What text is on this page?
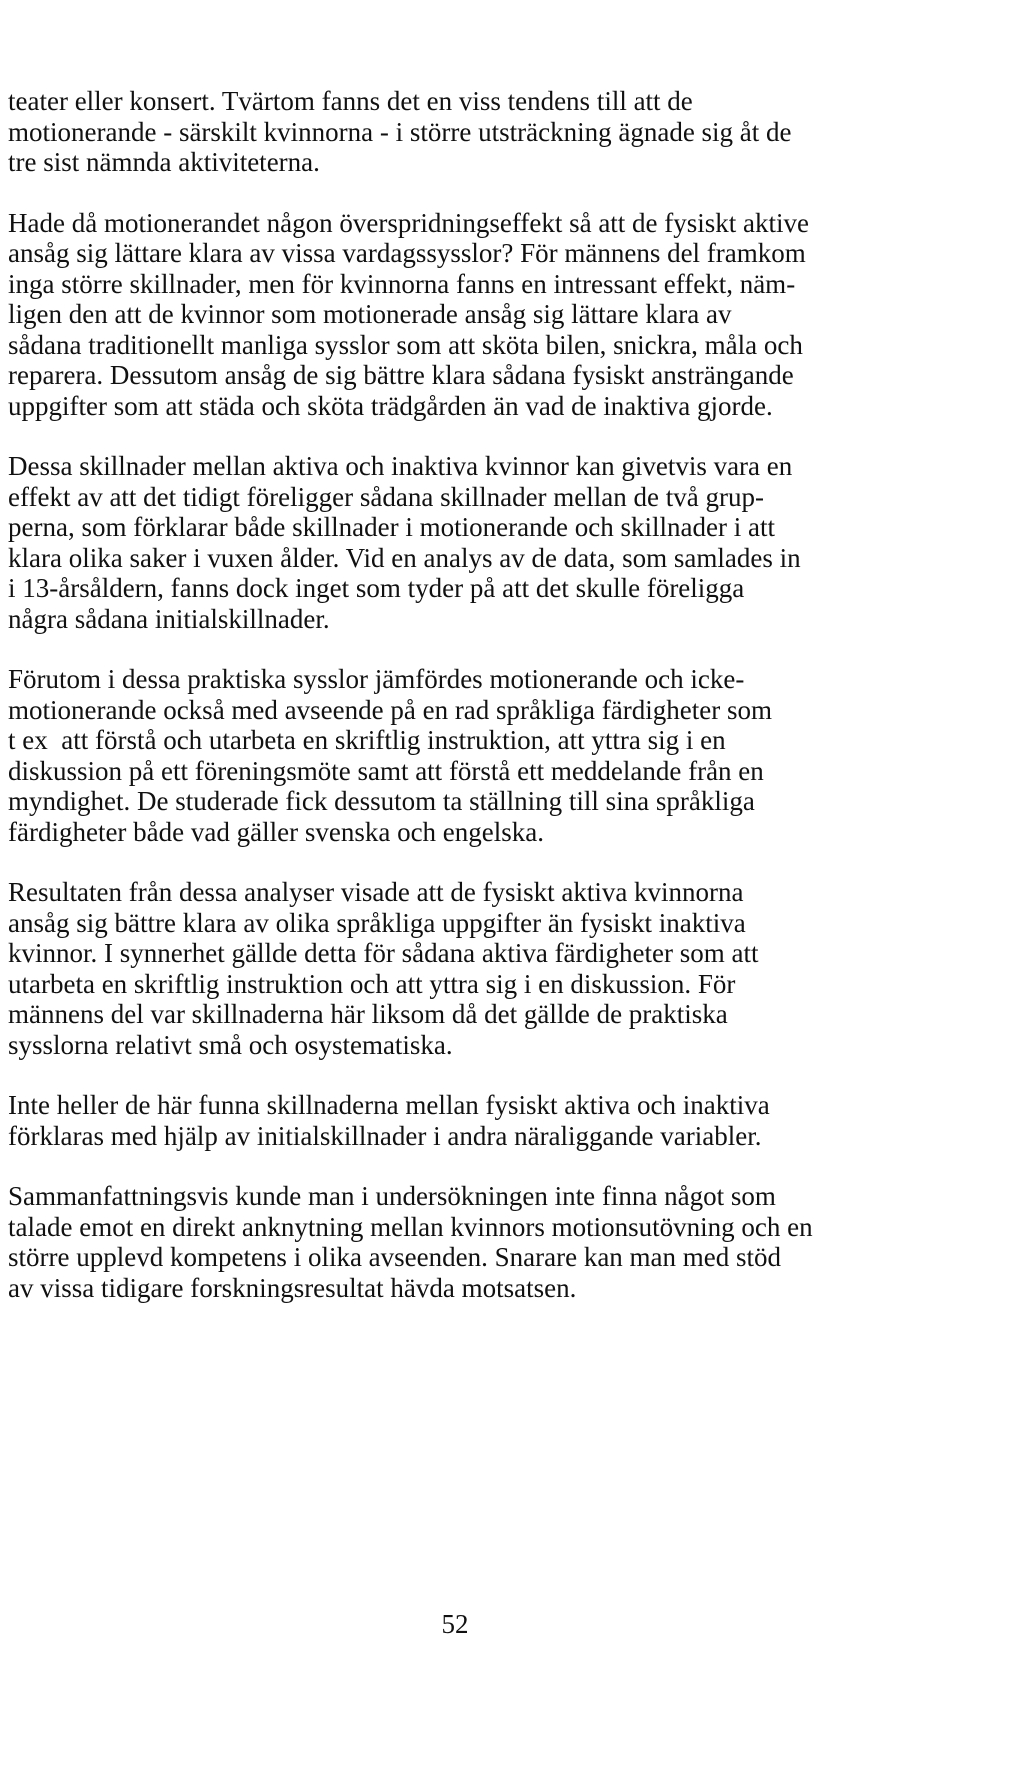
teater eller konsert. Tvärtom fanns det en viss tendens till att de
motionerande - särskilt kvinnorna - i större utsträckning ägnade sig åt de
tre sist nämnda aktiviteterna.
Hade då motionerandet någon överspridningseffekt så att de fysiskt aktive
ansåg sig lättare klara av vissa vardagssysslor? För männens del framkom
inga större skillnader, men för kvinnorna fanns en intressant effekt, näm-
ligen den att de kvinnor som motionerade ansåg sig lättare klara av
sådana traditionellt manliga sysslor som att sköta bilen, snickra, måla och
reparera. Dessutom ansåg de sig bättre klara sådana fysiskt ansträngande
uppgifter som att städa och sköta trädgården än vad de inaktiva gjorde.
Dessa skillnader mellan aktiva och inaktiva kvinnor kan givetvis vara en
effekt av att det tidigt föreligger sådana skillnader mellan de två grup-
perna, som förklarar både skillnader i motionerande och skillnader i att
klara olika saker i vuxen ålder. Vid en analys av de data, som samlades in
i 13-årsåldern, fanns dock inget som tyder på att det skulle föreligga
några sådana initialskillnader.
Förutom i dessa praktiska sysslor jämfördes motionerande och icke-
motionerande också med avseende på en rad språkliga färdigheter som
t ex  att förstå och utarbeta en skriftlig instruktion, att yttra sig i en
diskussion på ett föreningsmöte samt att förstå ett meddelande från en
myndighet. De studerade fick dessutom ta ställning till sina språkliga
färdigheter både vad gäller svenska och engelska.
Resultaten från dessa analyser visade att de fysiskt aktiva kvinnorna
ansåg sig bättre klara av olika språkliga uppgifter än fysiskt inaktiva
kvinnor. I synnerhet gällde detta för sådana aktiva färdigheter som att
utarbeta en skriftlig instruktion och att yttra sig i en diskussion. För
männens del var skillnaderna här liksom då det gällde de praktiska
sysslorna relativt små och osystematiska.
Inte heller de här funna skillnaderna mellan fysiskt aktiva och inaktiva
förklaras med hjälp av initialskillnader i andra näraliggande variabler.
Sammanfattningsvis kunde man i undersökningen inte finna något som
talade emot en direkt anknytning mellan kvinnors motionsutövning och en
större upplevd kompetens i olika avseenden. Snarare kan man med stöd
av vissa tidigare forskningsresultat hävda motsatsen.
52
